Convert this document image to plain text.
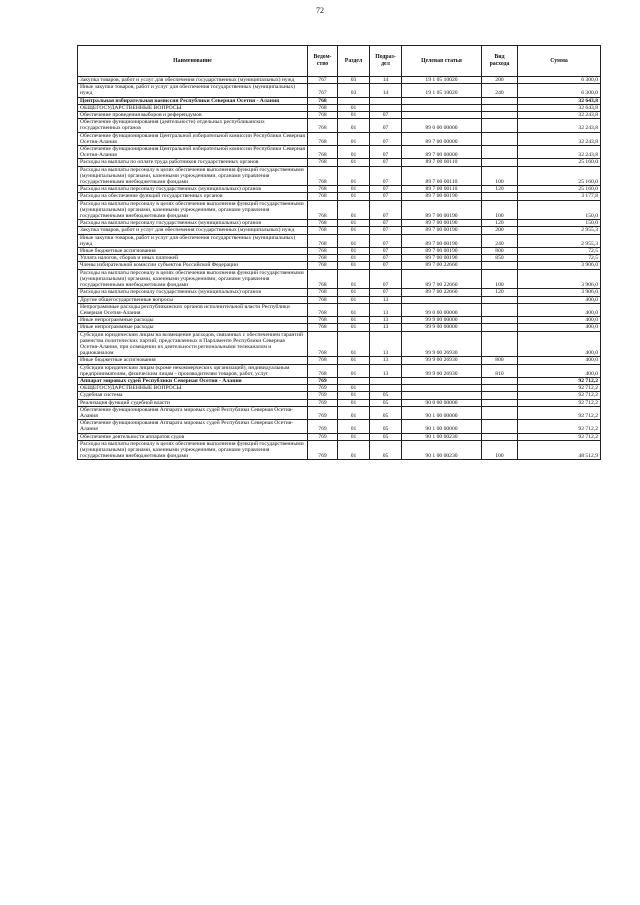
72
Наименование	Ведом-
ство	Раздел	Подраз-
дел	Целевая статья	Вид
расхода	Сумма
Закупка товаров, работ и услуг для обеспечения государственных (муниципальных) нужд	767	03	14	19 1 05 10020	200	6 300,0
Иные закупки товаров, работ и услуг для обеспечения государственных (муниципальных) нужд	767	03	14	19 1 05 10020	240	6 300,0
Центральная избирательная комиссия Республики Северная Осетия - Алания	768					32 643,8
ОБЩЕГОСУДАРСТВЕННЫЕ ВОПРОСЫ	768	01				32 643,8
Обеспечение проведения выборов и референдумов	768	01	07			32 243,8
Обеспечение функционирования (деятельности) отдельных республиканских государственных органов	768	01	07	89 0 00 00000		32 243,8
Обеспечение функционирования Центральной избирательной комиссии Республики Северная Осетия-Алания	768	01	07	89 7 00 00000		32 243,8
Обеспечение функционирования Центральной избирательной комиссии Республики Северная Осетия-Алания	768	01	07	89 7 00 00000		32 243,8
Расходы на выплаты по оплате труда работников государственных органов	768	01	07	89 7 00 00110		25 160,0
Расходы на выплаты персоналу в целях обеспечения выполнения функций государственными (муниципальными) органами, казенными учреждениями, органами управления государственными внебюджетными фондами	768	01	07	89 7 00 00110	100	25 160,0
Расходы на выплаты персоналу государственных (муниципальных) органов	768	01	07	89 7 00 00110	120	25 160,0
Расходы на обеспечение функций государственных органов	768	01	07	89 7 00 00190		3 177,8
Расходы на выплаты персоналу в целях обеспечения выполнения функций государственными (муниципальными) органами, казенными учреждениями, органами управления государственными внебюджетными фондами	768	01	07	89 7 00 00190	100	150,0
Расходы на выплаты персоналу государственных (муниципальных) органов	768	01	07	89 7 00 00190	120	150,0
Закупка товаров, работ и услуг для обеспечения государственных (муниципальных) нужд	768	01	07	89 7 00 00190	200	2 955,3
Иные закупки товаров, работ и услуг для обеспечения государственных (муниципальных) нужд	768	01	07	89 7 00 00190	240	2 955,3
Иные бюджетные ассигнования	768	01	07	89 7 00 00190	800	72,5
Уплата налогов, сборов и иных платежей	768	01	07	89 7 00 00190	850	72,5
Члены избирательной комиссии субъектов Российской Федерации	768	01	07	89 7 00 22660		3 906,0
Расходы на выплаты персоналу в целях обеспечения выполнения функций государственными (муниципальными) органами, казенными учреждениями, органами управления государственными внебюджетными фондами	768	01	07	89 7 00 22660	100	3 906,0
Расходы на выплаты персоналу государственных (муниципальных) органов	768	01	07	89 7 00 22660	120	3 906,0
Другие общегосударственные вопросы	768	01	13			400,0
Непрограммные расходы республиканских органов исполнительной власти Республики Северная Осетия-Алания	768	01	13	99 0 00 00000		400,0
Иные непрограммные расходы	768	01	13	99 9 00 00000		400,0
Иные непрограммные расходы	768	01	13	99 9 00 00000		400,0
Субсидии юридическим лицам на возмещение расходов, связанных с обеспечением гарантий равенства политических партий, представленных в Парламенте Республики Северная Осетия-Алания, при освещении их деятельности региональными телеканалом и радиоканалом	768	01	13	99 9 00 26930		400,0
Иные бюджетные ассигнования	768	01	13	99 9 00 26930	800	400,0
Субсидии юридическим лицам (кроме некоммерческих организаций), индивидуальным предпринимателям, физическим лицам - производителям товаров, работ, услуг	768	01	13	99 9 00 26930	810	400,0
Аппарат мировых судей Республики Северная Осетия - Алания	769					92 712,2
ОБЩЕГОСУДАРСТВЕННЫЕ ВОПРОСЫ	769	01				92 712,2
Судебная система	769	01	05			92 712,2
Реализация функций судебной власти	769	01	05	90 0 00 00000		92 712,2
Обеспечение функционирования Аппарата мировых судей Республики Северная Осетия-Алания	769	01	05	90 1 00 00000		92 712,2
Обеспечение функционирования Аппарата мировых судей Республики Северная Осетия-Алания	769	01	05	90 1 00 00000		92 712,2
Обеспечение деятельности аппаратов судов	769	01	05	90 1 00 00230		92 712,2
Расходы на выплаты персоналу в целях обеспечения выполнения функций государственными (муниципальными) органами, казенными учреждениями, органами управления государственными внебюджетными фондами	769	01	05	90 1 00 00230	100	48 512,9
